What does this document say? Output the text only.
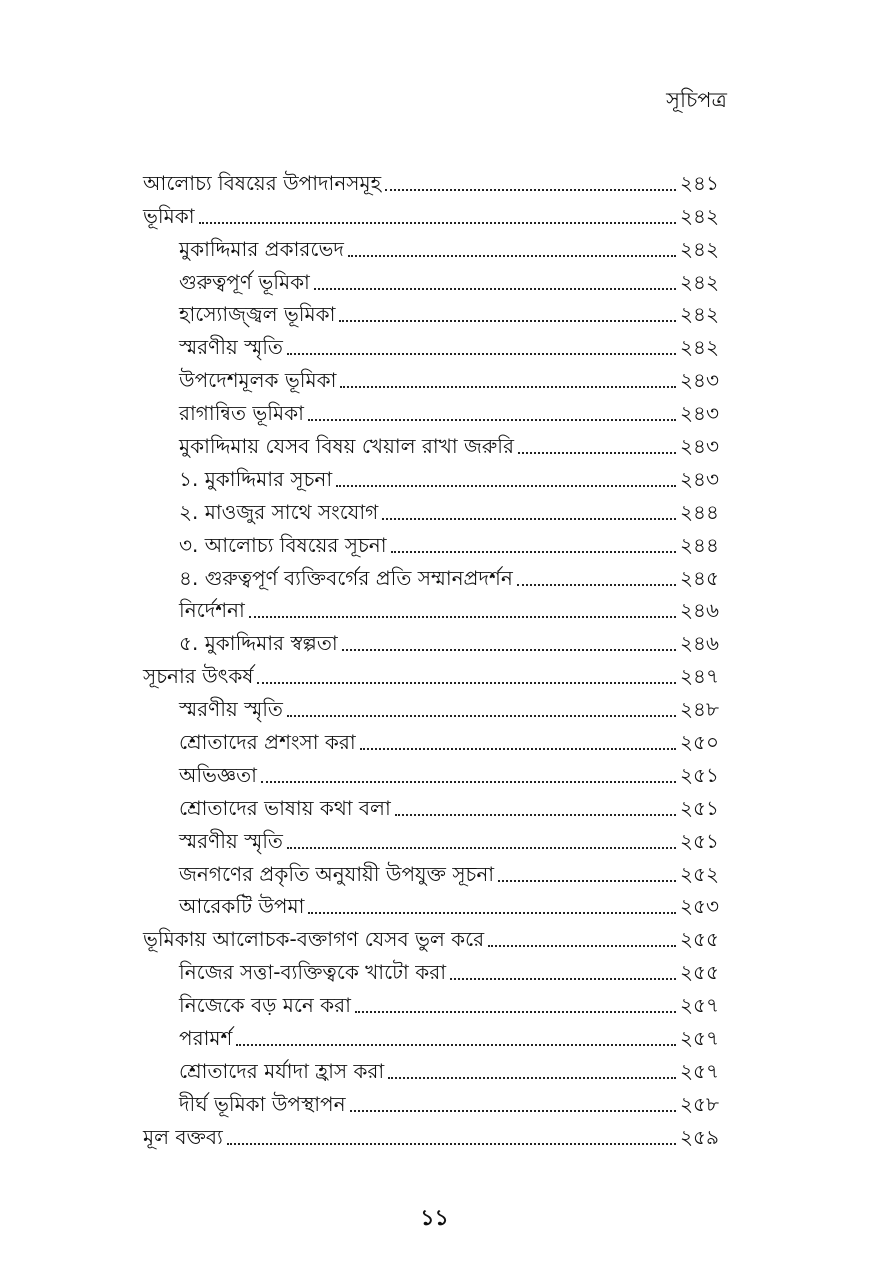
সূচিপত্র
আলোচ্য বিষয়ের উপাদানসমূহ	২৪১
ভূমিকা	২৪২
মুকাদ্দিমার প্রকারভেদ	২৪২
গুরুত্বপূর্ণ ভূমিকা	২৪২
হাস্যোজ্জ্বল ভূমিকা	২৪২
স্মরণীয় স্মৃতি	২৪২
উপদেশমূলক ভূমিকা	২৪৩
রাগান্বিত ভূমিকা	২৪৩
মুকাদ্দিমায় যেসব বিষয় খেয়াল রাখা জরুরি	২৪৩
১. মুকাদ্দিমার সূচনা	২৪৩
২. মাওজুর সাথে সংযোগ	২৪৪
৩. আলোচ্য বিষয়ের সূচনা	২৪৪
৪. গুরুত্বপূর্ণ ব্যক্তিবর্গের প্রতি সম্মানপ্রদর্শন	২৪৫
নির্দেশনা	২৪৬
৫. মুকাদ্দিমার স্বল্পতা	২৪৬
সূচনার উৎকর্ষ	২৪৭
স্মরণীয় স্মৃতি	২৪৮
শ্রোতাদের প্রশংসা করা	২৫০
অভিজ্ঞতা	২৫১
শ্রোতাদের ভাষায় কথা বলা	২৫১
স্মরণীয় স্মৃতি	২৫১
জনগণের প্রকৃতি অনুযায়ী উপযুক্ত সূচনা	২৫২
আরেকটি উপমা	২৫৩
ভূমিকায় আলোচক-বক্তাগণ যেসব ভুল করে	২৫৫
নিজের সত্তা-ব্যক্তিত্বকে খাটো করা	২৫৫
নিজেকে বড় মনে করা	২৫৭
পরামর্শ	২৫৭
শ্রোতাদের মর্যাদা হ্রাস করা	২৫৭
দীর্ঘ ভূমিকা উপস্থাপন	২৫৮
মূল বক্তব্য	২৫৯
১১
